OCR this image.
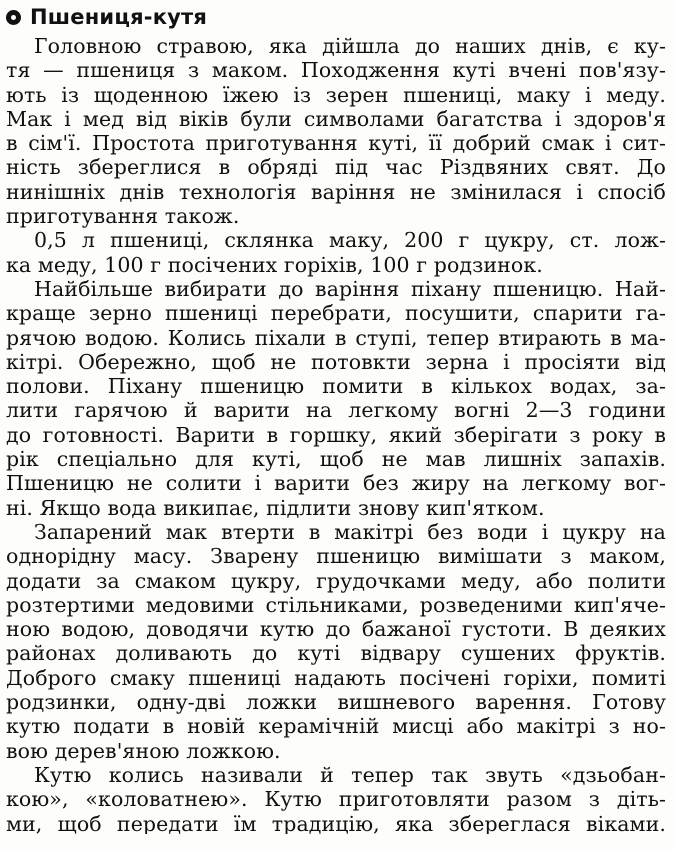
Пшениця-кутя
Головною стравою, яка дійшла до наших днів, є ку-
тя — пшениця з маком. Походження куті вчені пов'язу-
ють із щоденною їжею із зерен пшениці, маку і меду.
Мак і мед від віків були символами багатства і здоров'я
в сім'ї. Простота приготування куті, її добрий смак і сит-
ність збереглися в обряді під час Різдвяних свят. До
нинішніх днів технологія варіння не змінилася і спосіб
приготування також.
0,5 л пшениці, склянка маку, 200 г цукру, ст. лож-
ка меду, 100 г посічених горіхів, 100 г родзинок.
Найбільше вибирати до варіння піхану пшеницю. Най-
краще зерно пшениці перебрати, посушити, спарити га-
рячою водою. Колись піхали в ступі, тепер втирають в ма-
кітрі. Обережно, щоб не потовкти зерна і просіяти від
полови. Піхану пшеницю помити в кількох водах, за-
лити гарячою й варити на легкому вогні 2—3 години
до готовності. Варити в горшку, який зберігати з року в
рік спеціально для куті, щоб не мав лишніх запахів.
Пшеницю не солити і варити без жиру на легкому вог-
ні. Якщо вода википає, підлити знову кип'ятком.
Запарений мак втерти в макітрі без води і цукру на
однорідну масу. Зварену пшеницю вимішати з маком,
додати за смаком цукру, грудочками меду, або полити
розтертими медовими стільниками, розведеними кип'яче-
ною водою, доводячи кутю до бажаної густоти. В деяких
районах доливають до куті відвару сушених фруктів.
Доброго смаку пшениці надають посічені горіхи, помиті
родзинки, одну-дві ложки вишневого варення. Готову
кутю подати в новій керамічній мисці або макітрі з но-
вою дерев'яною ложкою.
Кутю колись називали й тепер так звуть «дзьобан-
кою», «коловатнею». Кутю приготовляти разом з діть-
ми, щоб передати їм традицію, яка збереглася віками.
